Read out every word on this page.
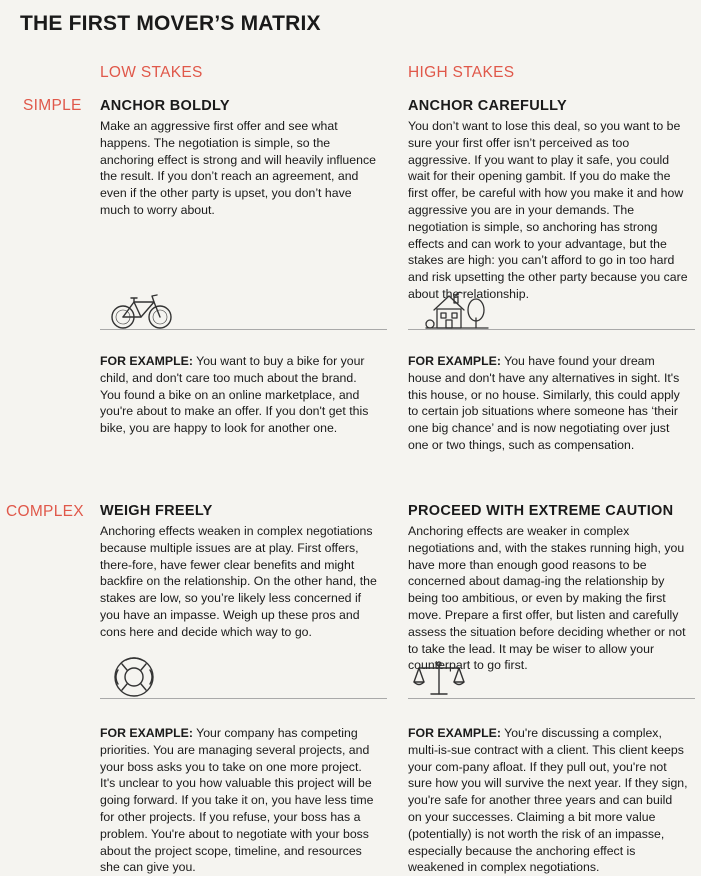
THE FIRST MOVER’S MATRIX
LOW STAKES	HIGH STAKES
SIMPLE
COMPLEX
ANCHOR BOLDLY
Make an aggressive first offer and see what happens. The negotiation is simple, so the anchoring effect is strong and will heavily influence the result. If you don’t reach an agreement, and even if the other party is upset, you don’t have much to worry about.
FOR EXAMPLE: You want to buy a bike for your child, and don't care too much about the brand. You found a bike on an online marketplace, and you're about to make an offer. If you don't get this bike, you are happy to look for another one.
ANCHOR CAREFULLY
You don’t want to lose this deal, so you want to be sure your first offer isn’t perceived as too aggressive. If you want to play it safe, you could wait for their opening gambit. If you do make the first offer, be careful with how you make it and how aggressive you are in your demands. The negotiation is simple, so anchoring has strong effects and can work to your advantage, but the stakes are high: you can’t afford to go in too hard and risk upsetting the other party because you care about the relationship.
FOR EXAMPLE: You have found your dream house and don't have any alternatives in sight. It's this house, or no house. Similarly, this could apply to certain job situations where someone has ‘their one big chance’ and is now negotiating over just one or two things, such as compensation.
WEIGH FREELY
Anchoring effects weaken in complex negotiations because multiple issues are at play. First offers, there-fore, have fewer clear benefits and might backfire on the relationship. On the other hand, the stakes are low, so you’re likely less concerned if you have an impasse. Weigh up these pros and cons here and decide which way to go.
FOR EXAMPLE: Your company has competing priorities. You are managing several projects, and your boss asks you to take on one more project. It's unclear to you how valuable this project will be going forward. If you take it on, you have less time for other projects. If you refuse, your boss has a problem. You're about to negotiate with your boss about the project scope, timeline, and resources she can give you.
PROCEED WITH EXTREME CAUTION
Anchoring effects are weaker in complex negotiations and, with the stakes running high, you have more than enough good reasons to be concerned about damag-ing the relationship by being too ambitious, or even by making the first move. Prepare a first offer, but listen and carefully assess the situation before deciding whether or not to take the lead. It may be wiser to allow your counterpart to go first.
FOR EXAMPLE: You're discussing a complex, multi-is-sue contract with a client. This client keeps your com-pany afloat. If they pull out, you're not sure how you will survive the next year. If they sign, you're safe for another three years and can build on your successes. Claiming a bit more value (potentially) is not worth the risk of an impasse, especially because the anchoring effect is weakened in complex negotiations.
